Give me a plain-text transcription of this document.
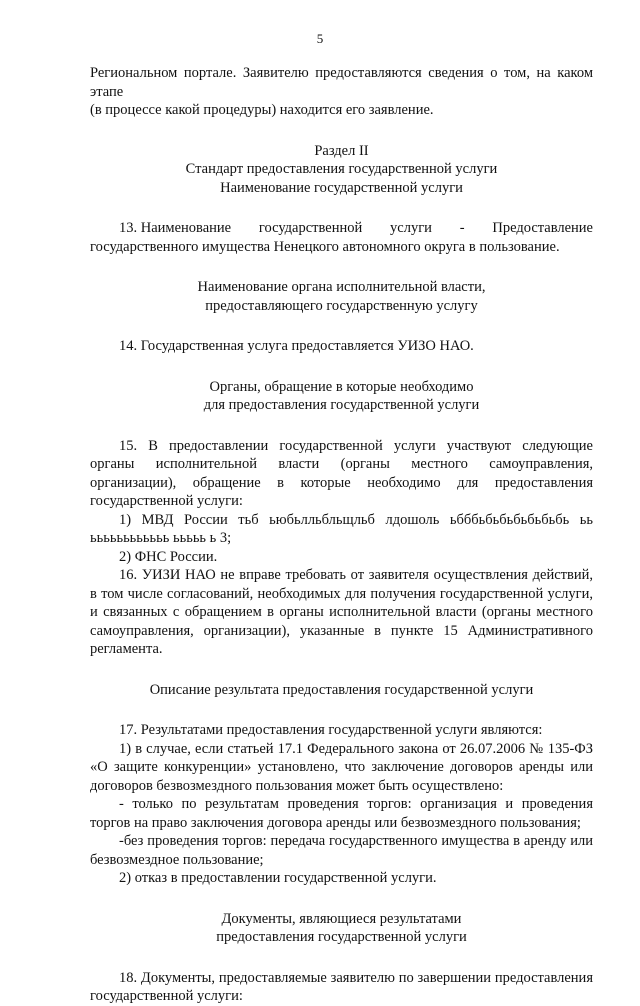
5

Региональном портале. Заявителю предоставляются сведения о том, на каком этапе

(в процессе какой процедуры) находится его заявление.

Раздел II

Стандарт предоставления государственной услуги

Наименование государственной услуги

13. Наименование государственной услуги - Предоставление

государственного имущества Ненецкого автономного округа в пользование.

Наименование органа исполнительной власти,

предоставляющего государственную услугу

14. Государственная услуга предоставляется УИЗО НАО.

Органы, обращение в которые необходимо

для предоставления государственной услуги

15. В предоставлении государственной услуги участвуют следующие органы исполнительной власти (органы местного самоуправления, организации), обращение в которые необходимо для предоставления государственной услуги:

1) МВД России тьб ьюбьлльбльщльб лдошоль ьбббьбьбьбьбьбьбь ьь ьььььььььььь ььььь ь 3;

2) ФНС России.

16. УИЗИ НАО не вправе требовать от заявителя осуществления действий, в том числе согласований, необходимых для получения государственной услуги, и связанных с обращением в органы исполнительной власти (органы местного самоуправления, организации), указанные в пункте 15 Административного регламента.

Описание результата предоставления государственной услуги

17. Результатами предоставления государственной услуги являются:

1) в случае, если статьей 17.1 Федерального закона от 26.07.2006 № 135-ФЗ «О защите конкуренции» установлено, что заключение договоров аренды или договоров безвозмездного пользования может быть осуществлено:

- только по результатам проведения торгов: организация и проведения торгов на право заключения договора аренды или безвозмездного пользования;

-без проведения торгов: передача государственного имущества в аренду или безвозмездное пользование;

2) отказ в предоставлении государственной услуги.

Документы, являющиеся результатами

предоставления государственной услуги

18. Документы, предоставляемые заявителю по завершении предоставления государственной услуги:
